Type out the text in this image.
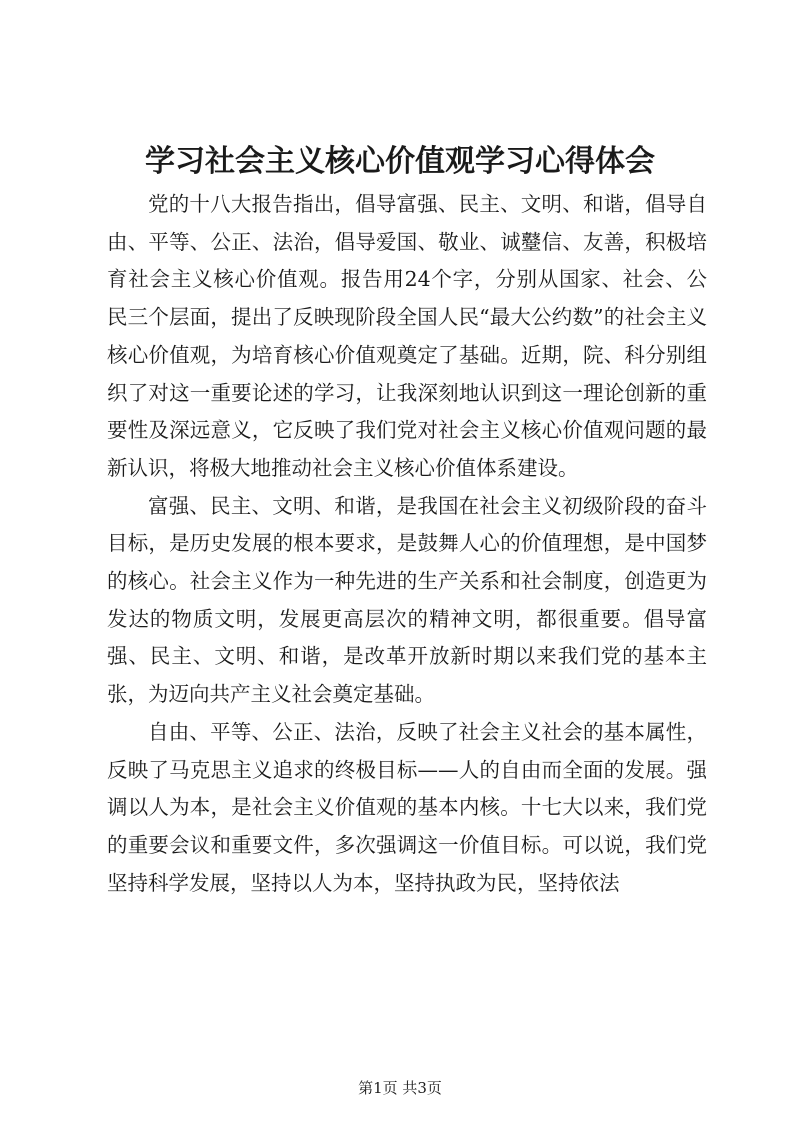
学习社会主义核心价值观学习心得体会

党的十八大报告指出，倡导富强、民主、文明、和谐，倡导自由、平等、公正、法治，倡导爱国、敬业、诚鼞信、友善，积极培育社会主义核心价值观。报告用24个字，分别从国家、社会、公民三个层面，提出了反映现阶段全国人民“最大公约数”的社会主义核心价值观，为培育核心价值观奠定了基础。近期，院、科分别组织了对这一重要论述的学习，让我深刻地认识到这一理论创新的重要性及深远意义，它反映了我们党对社会主义核心价值观问题的最新认识，将极大地推动社会主义核心价值体系建设。

富强、民主、文明、和谐，是我国在社会主义初级阶段的奋斗目标，是历史发展的根本要求，是鼓舞人心的价值理想，是中国梦的核心。社会主义作为一种先进的生产关系和社会制度，创造更为发达的物质文明，发展更高层次的精神文明，都很重要。倡导富强、民主、文明、和谐，是改革开放新时期以来我们党的基本主张，为迈向共产主义社会奠定基础。

自由、平等、公正、法治，反映了社会主义社会的基本属性，反映了马克思主义追求的终极目标——人的自由而全面的发展。强调以人为本，是社会主义价值观的基本内核。十七大以来，我们党的重要会议和重要文件，多次强调这一价值目标。可以说，我们党坚持科学发展，坚持以人为本，坚持执政为民，坚持依法

第1页 共3页
